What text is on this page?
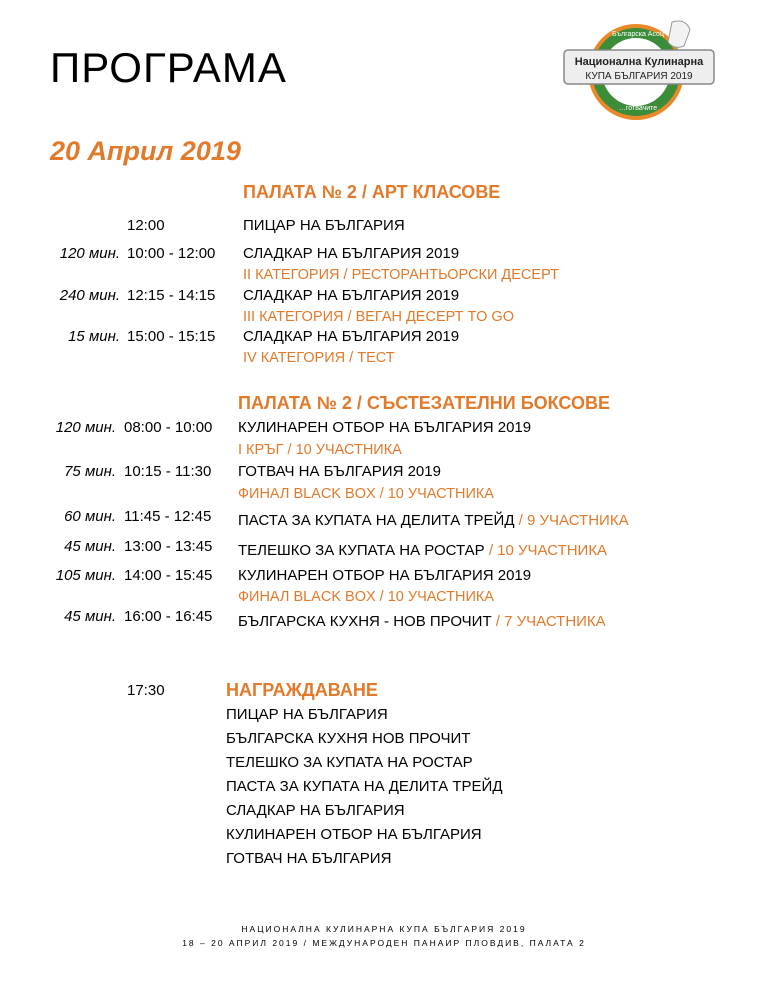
ПРОГРАМА	Национална Кулинарна
КУПА БЪЛГАРИЯ 2019
Българска Асоц
…готвачите
20 Април 2019
ПАЛАТА № 2 / АРТ КЛАСОВЕ
12:00	ПИЦАР НА БЪЛГАРИЯ
120 мин. 10:00 - 12:00 СЛАДКАР НА БЪЛГАРИЯ 2019
II КАТЕГОРИЯ / РЕСТОРАНТЬОРСКИ ДЕСЕРТ
240 мин. 12:15 - 14:15 СЛАДКАР НА БЪЛГАРИЯ 2019
III КАТЕГОРИЯ / ВЕГАН ДЕСЕРТ TO GO
15 мин. 15:00 - 15:15 СЛАДКАР НА БЪЛГАРИЯ 2019
IV КАТЕГОРИЯ / ТЕСТ
ПАЛАТА № 2 / СЪСТЕЗАТЕЛНИ БОКСОВЕ
120 мин. 08:00 - 10:00 КУЛИНАРЕН ОТБОР НА БЪЛГАРИЯ 2019
I КРЪГ / 10 УЧАСТНИКА
75 мин. 10:15 - 11:30 ГОТВАЧ НА БЪЛГАРИЯ 2019
ФИНАЛ BLACK BOX / 10 УЧАСТНИКА
60 мин. 11:45 - 12:45 ПАСТА ЗА КУПАТА НА ДЕЛИТА ТРЕЙД / 9 УЧАСТНИКА
45 мин. 13:00 - 13:45 ТЕЛЕШКО ЗА КУПАТА НА РОСТАР / 10 УЧАСТНИКА
105 мин. 14:00 - 15:45 КУЛИНАРЕН ОТБОР НА БЪЛГАРИЯ 2019
ФИНАЛ BLACK BOX / 10 УЧАСТНИКА
45 мин. 16:00 - 16:45 БЪЛГАРСКА КУХНЯ - НОВ ПРОЧИТ / 7 УЧАСТНИКА
17:30	НАГРАЖДАВАНЕ
ПИЦАР НА БЪЛГАРИЯ
БЪЛГАРСКА КУХНЯ НОВ ПРОЧИТ
ТЕЛЕШКО ЗА КУПАТА НА РОСТАР
ПАСТА ЗА КУПАТА НА ДЕЛИТА ТРЕЙД
СЛАДКАР НА БЪЛГАРИЯ
КУЛИНАРЕН ОТБОР НА БЪЛГАРИЯ
ГОТВАЧ НА БЪЛГАРИЯ
НАЦИОНАЛНА КУЛИНАРНА КУПА БЪЛГАРИЯ 2019
18 – 20 АПРИЛ 2019 / МЕЖДУНАРОДЕН ПАНАИР ПЛОВДИВ, ПАЛАТА 2
